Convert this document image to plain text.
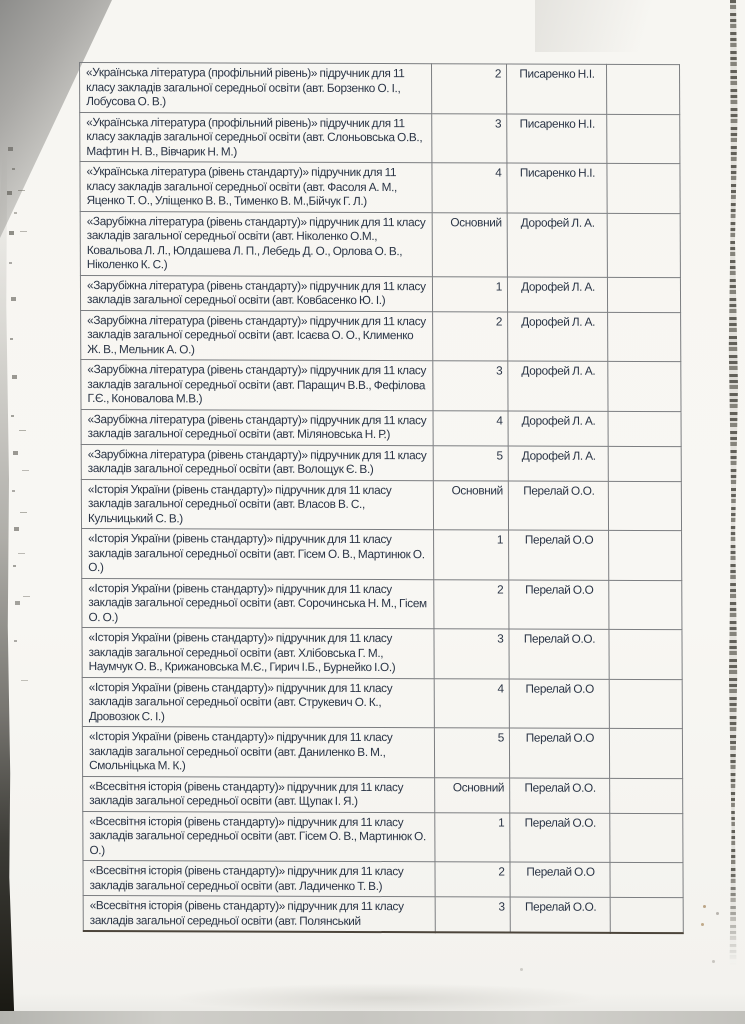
«Українська література (профільний рівень)» підручник для 11 класу закладів загальної середньої освіти (авт. Борзенко О. І., Лобусова О. В.)	2	Писаренко Н.І.	

«Українська література (профільний рівень)» підручник для 11 класу закладів загальної середньої освіти (авт. Слоньовська О.В., Мафтин Н. В., Вівчарик Н. М.)	3	Писаренко Н.І.	

«Українська література (рівень стандарту)» підручник для 11 класу закладів загальної середньої освіти (авт. Фасоля А. М., Яценко Т. О., Уліщенко В. В., Тименко В. М.,Бійчук Г. Л.)	4	Писаренко Н.І.	

«Зарубіжна література (рівень стандарту)» підручник для 11 класу закладів загальної середньої освіти (авт. Ніколенко О.М., Ковальова Л. Л., Юлдашева Л. П., Лебедь Д. О., Орлова О. В., Ніколенко К. С.)	Основний	Дорофей Л. А.	

«Зарубіжна література (рівень стандарту)» підручник для 11 класу закладів загальної середньої освіти (авт. Ковбасенко Ю. І.)	1	Дорофей Л. А.	

«Зарубіжна література (рівень стандарту)» підручник для 11 класу закладів загальної середньої освіти (авт. Ісаєва О. О., Клименко Ж. В., Мельник А. О.)	2	Дорофей Л. А.	

«Зарубіжна література (рівень стандарту)» підручник для 11 класу закладів загальної середньої освіти (авт. Паращич В.В., Фефілова Г.Є., Коновалова М.В.)	3	Дорофей Л. А.	

«Зарубіжна література (рівень стандарту)» підручник для 11 класу закладів загальної середньої освіти (авт. Міляновська Н. Р.)	4	Дорофей Л. А.	

«Зарубіжна література (рівень стандарту)» підручник для 11 класу закладів загальної середньої освіти (авт. Волощук Є. В.)	5	Дорофей Л. А.	

«Історія України (рівень стандарту)» підручник для 11 класу закладів загальної середньої освіти (авт. Власов В. С., Кульчицький С. В.)	Основний	Перелай О.О.	

«Історія України (рівень стандарту)» підручник для 11 класу закладів загальної середньої освіти (авт. Гісем О. В., Мартинюк О. О.)	1	Перелай О.О	

«Історія України (рівень стандарту)» підручник для 11 класу закладів загальної середньої освіти (авт. Сорочинська Н. М., Гісем О. О.)	2	Перелай О.О	

«Історія України (рівень стандарту)» підручник для 11 класу закладів загальної середньої освіти (авт. Хлібовська Г. М., Наумчук О. В., Крижановська М.Є., Гирич І.Б., Бурнейко І.О.)	3	Перелай О.О.	

«Історія України (рівень стандарту)» підручник для 11 класу закладів загальної середньої освіти (авт. Струкевич О. К., Дровозюк С. І.)	4	Перелай О.О	

«Історія України (рівень стандарту)» підручник для 11 класу закладів загальної середньої освіти (авт. Даниленко В. М., Смольніцька М. К.)	5	Перелай О.О	

«Всесвітня історія (рівень стандарту)» підручник для 11 класу закладів загальної середньої освіти (авт. Щупак І. Я.)	Основний	Перелай О.О.	

«Всесвітня історія (рівень стандарту)» підручник для 11 класу закладів загальної середньої освіти (авт. Гісем О. В., Мартинюк О. О.)	1	Перелай О.О.	

«Всесвітня історія (рівень стандарту)» підручник для 11 класу закладів загальної середньої освіти (авт. Ладиченко Т. В.)	2	Перелай О.О	

«Всесвітня історія (рівень стандарту)» підручник для 11 класу закладів загальної середньої освіти (авт. Полянський	3	Перелай О.О.	
